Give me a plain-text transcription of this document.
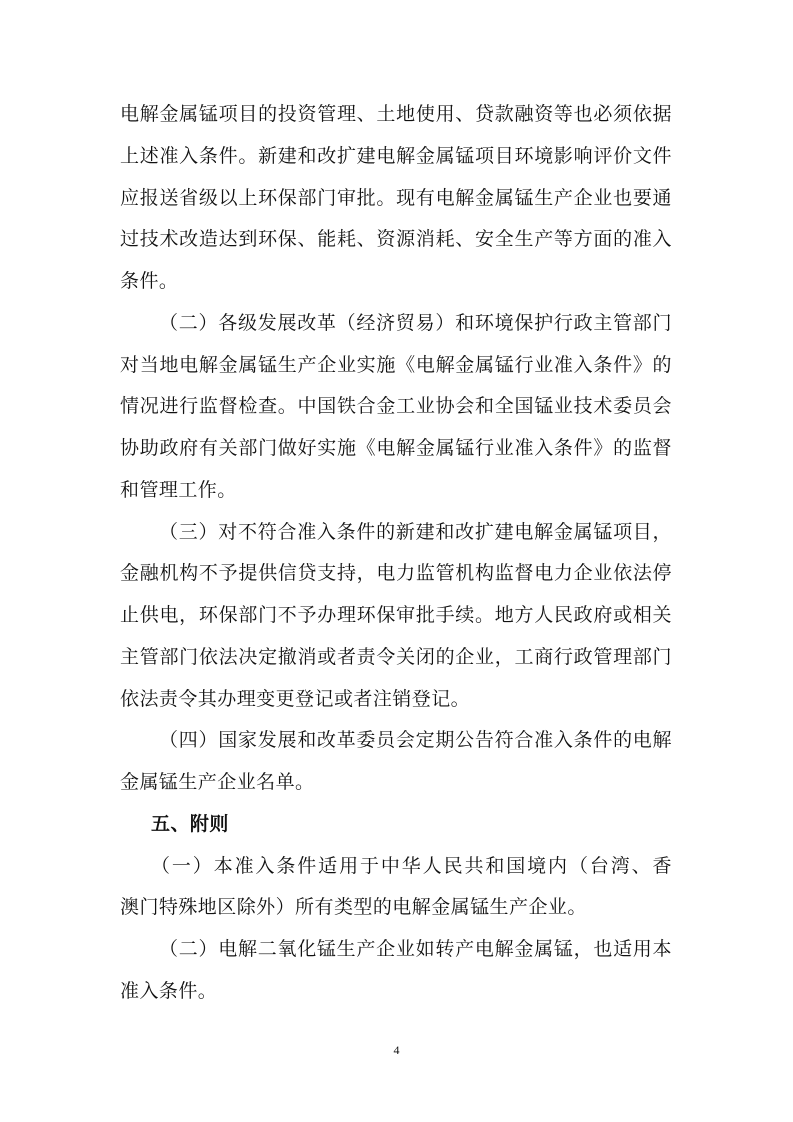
电解金属锰项目的投资管理、土地使用、贷款融资等也必须依据
上述准入条件。新建和改扩建电解金属锰项目环境影响评价文件
应报送省级以上环保部门审批。现有电解金属锰生产企业也要通
过技术改造达到环保、能耗、资源消耗、安全生产等方面的准入
条件。
（二）各级发展改革（经济贸易）和环境保护行政主管部门
对当地电解金属锰生产企业实施《电解金属锰行业准入条件》的
情况进行监督检查。中国铁合金工业协会和全国锰业技术委员会
协助政府有关部门做好实施《电解金属锰行业准入条件》的监督
和管理工作。
（三）对不符合准入条件的新建和改扩建电解金属锰项目，
金融机构不予提供信贷支持，电力监管机构监督电力企业依法停
止供电，环保部门不予办理环保审批手续。地方人民政府或相关
主管部门依法决定撤消或者责令关闭的企业，工商行政管理部门
依法责令其办理变更登记或者注销登记。
（四）国家发展和改革委员会定期公告符合准入条件的电解
金属锰生产企业名单。
五、附则
（一）本准入条件适用于中华人民共和国境内（台湾、香
澳门特殊地区除外）所有类型的电解金属锰生产企业。
（二）电解二氧化锰生产企业如转产电解金属锰，也适用本
准入条件。
4
